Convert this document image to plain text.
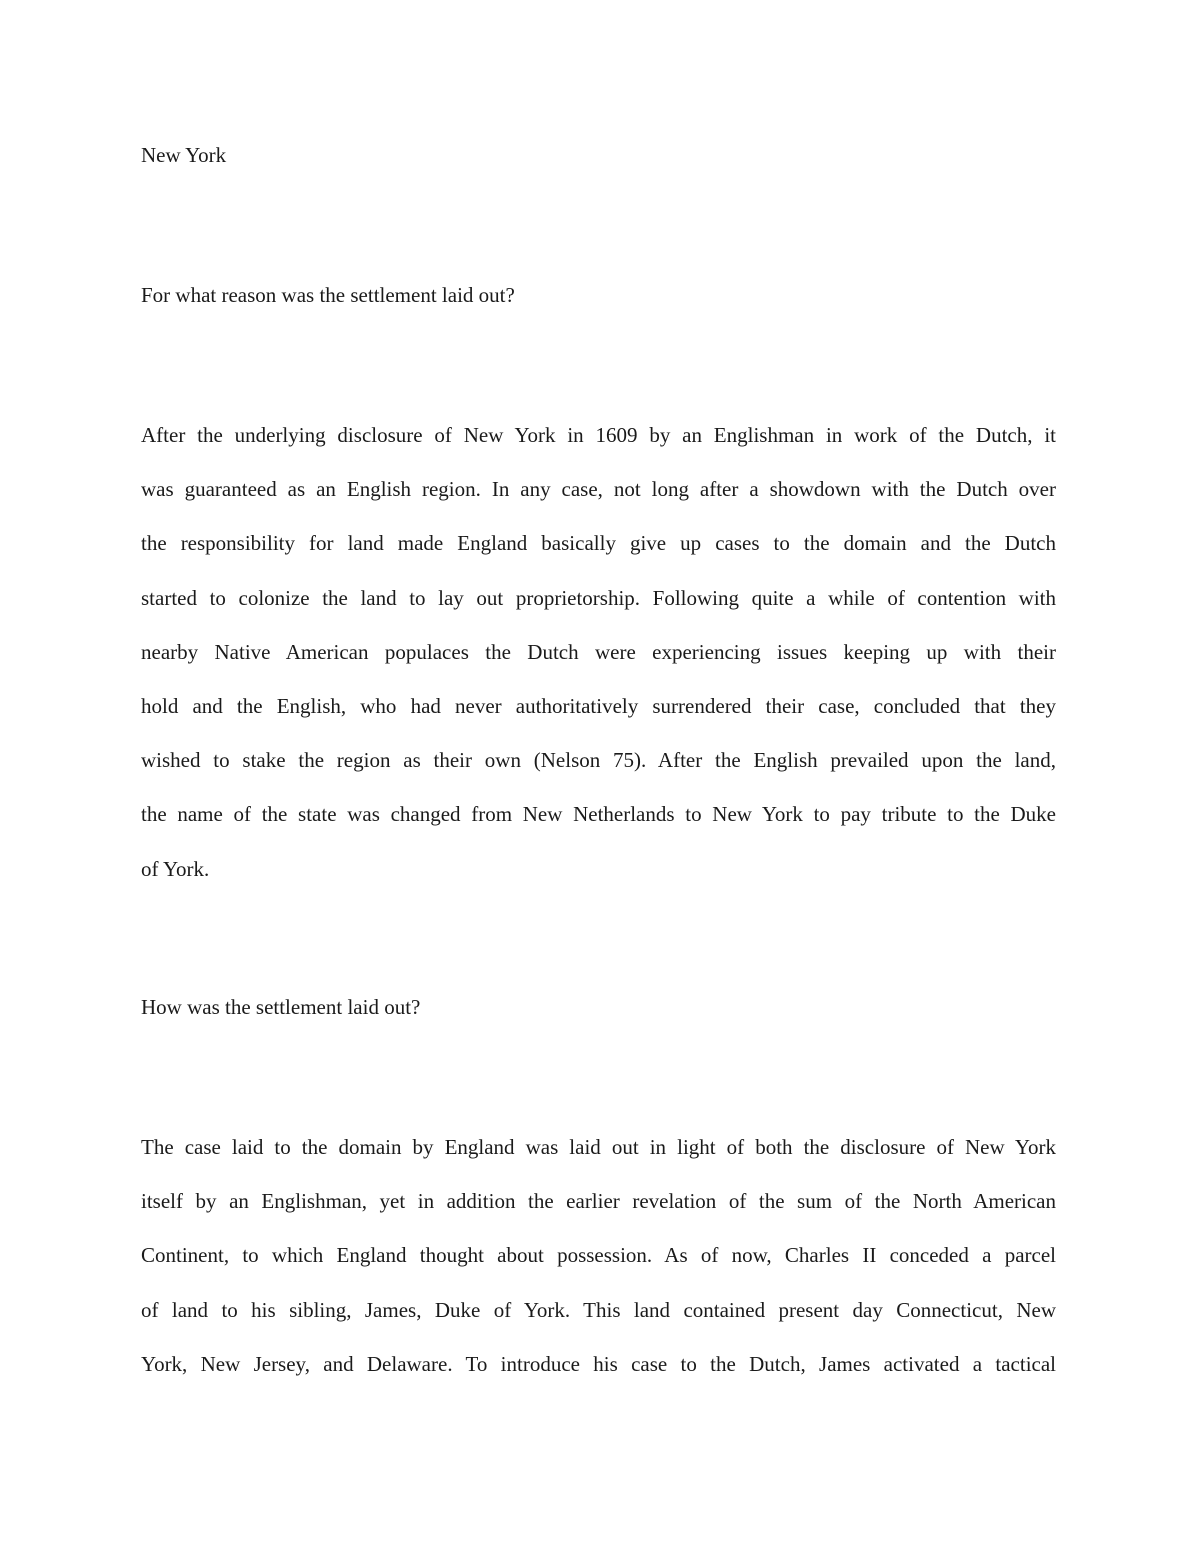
New York

For what reason was the settlement laid out?

After the underlying disclosure of New York in 1609 by an Englishman in work of the Dutch, it
was guaranteed as an English region. In any case, not long after a showdown with the Dutch over
the responsibility for land made England basically give up cases to the domain and the Dutch
started to colonize the land to lay out proprietorship. Following quite a while of contention with
nearby Native American populaces the Dutch were experiencing issues keeping up with their
hold and the English, who had never authoritatively surrendered their case, concluded that they
wished to stake the region as their own (Nelson 75). After the English prevailed upon the land,
the name of the state was changed from New Netherlands to New York to pay tribute to the Duke
of York.

How was the settlement laid out?

The case laid to the domain by England was laid out in light of both the disclosure of New York
itself by an Englishman, yet in addition the earlier revelation of the sum of the North American
Continent, to which England thought about possession. As of now, Charles II conceded a parcel
of land to his sibling, James, Duke of York. This land contained present day Connecticut, New
York, New Jersey, and Delaware. To introduce his case to the Dutch, James activated a tactical
